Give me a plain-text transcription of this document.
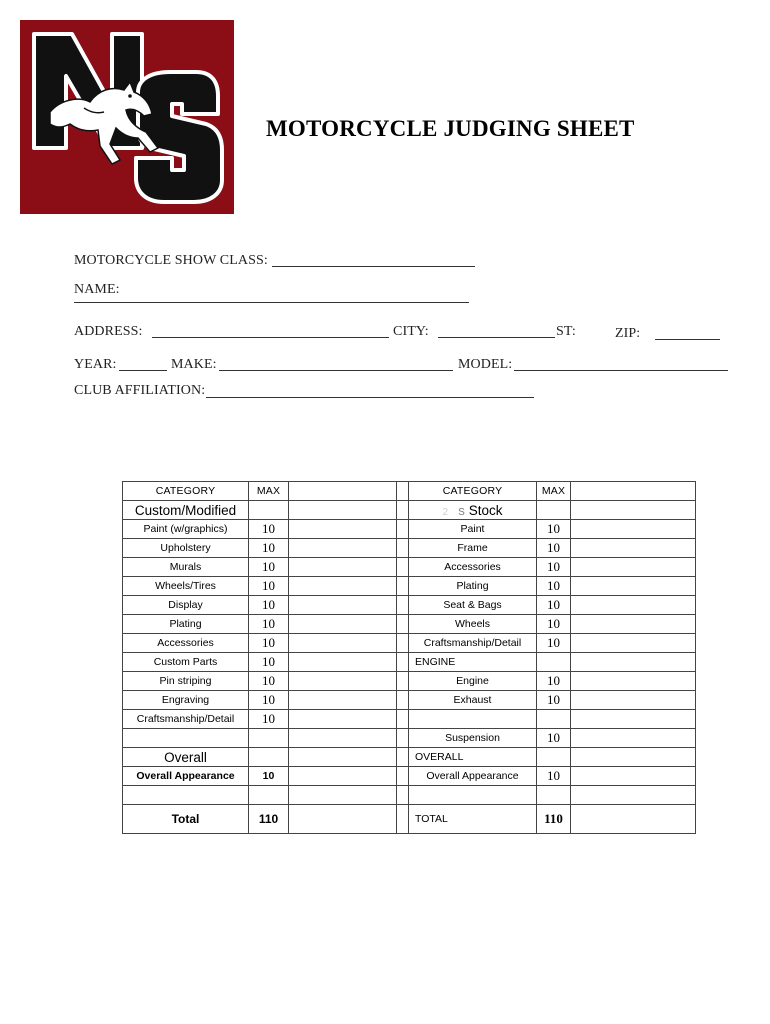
MOTORCYCLE JUDGING SHEET
MOTORCYCLE SHOW CLASS:
NAME:
ADDRESS:	CITY:	ST:	ZIP:
YEAR:	MAKE:	MODEL:
CLUB AFFILIATION:
CATEGORY	MAX			CATEGORY	MAX	
Custom/Modified				2 S Stock		
Paint (w/graphics)	10			Paint	10	
Upholstery	10			Frame	10	
Murals	10			Accessories	10	
Wheels/Tires	10			Plating	10	
Display	10			Seat & Bags	10	
Plating	10			Wheels	10	
Accessories	10			Craftsmanship/Detail	10	
Custom Parts	10			ENGINE		
Pin striping	10			Engine	10	
Engraving	10			Exhaust	10	
Craftsmanship/Detail	10					
				Suspension	10	
Overall				OVERALL		
Overall Appearance	10			Overall Appearance	10	

Total	110			TOTAL	110	
